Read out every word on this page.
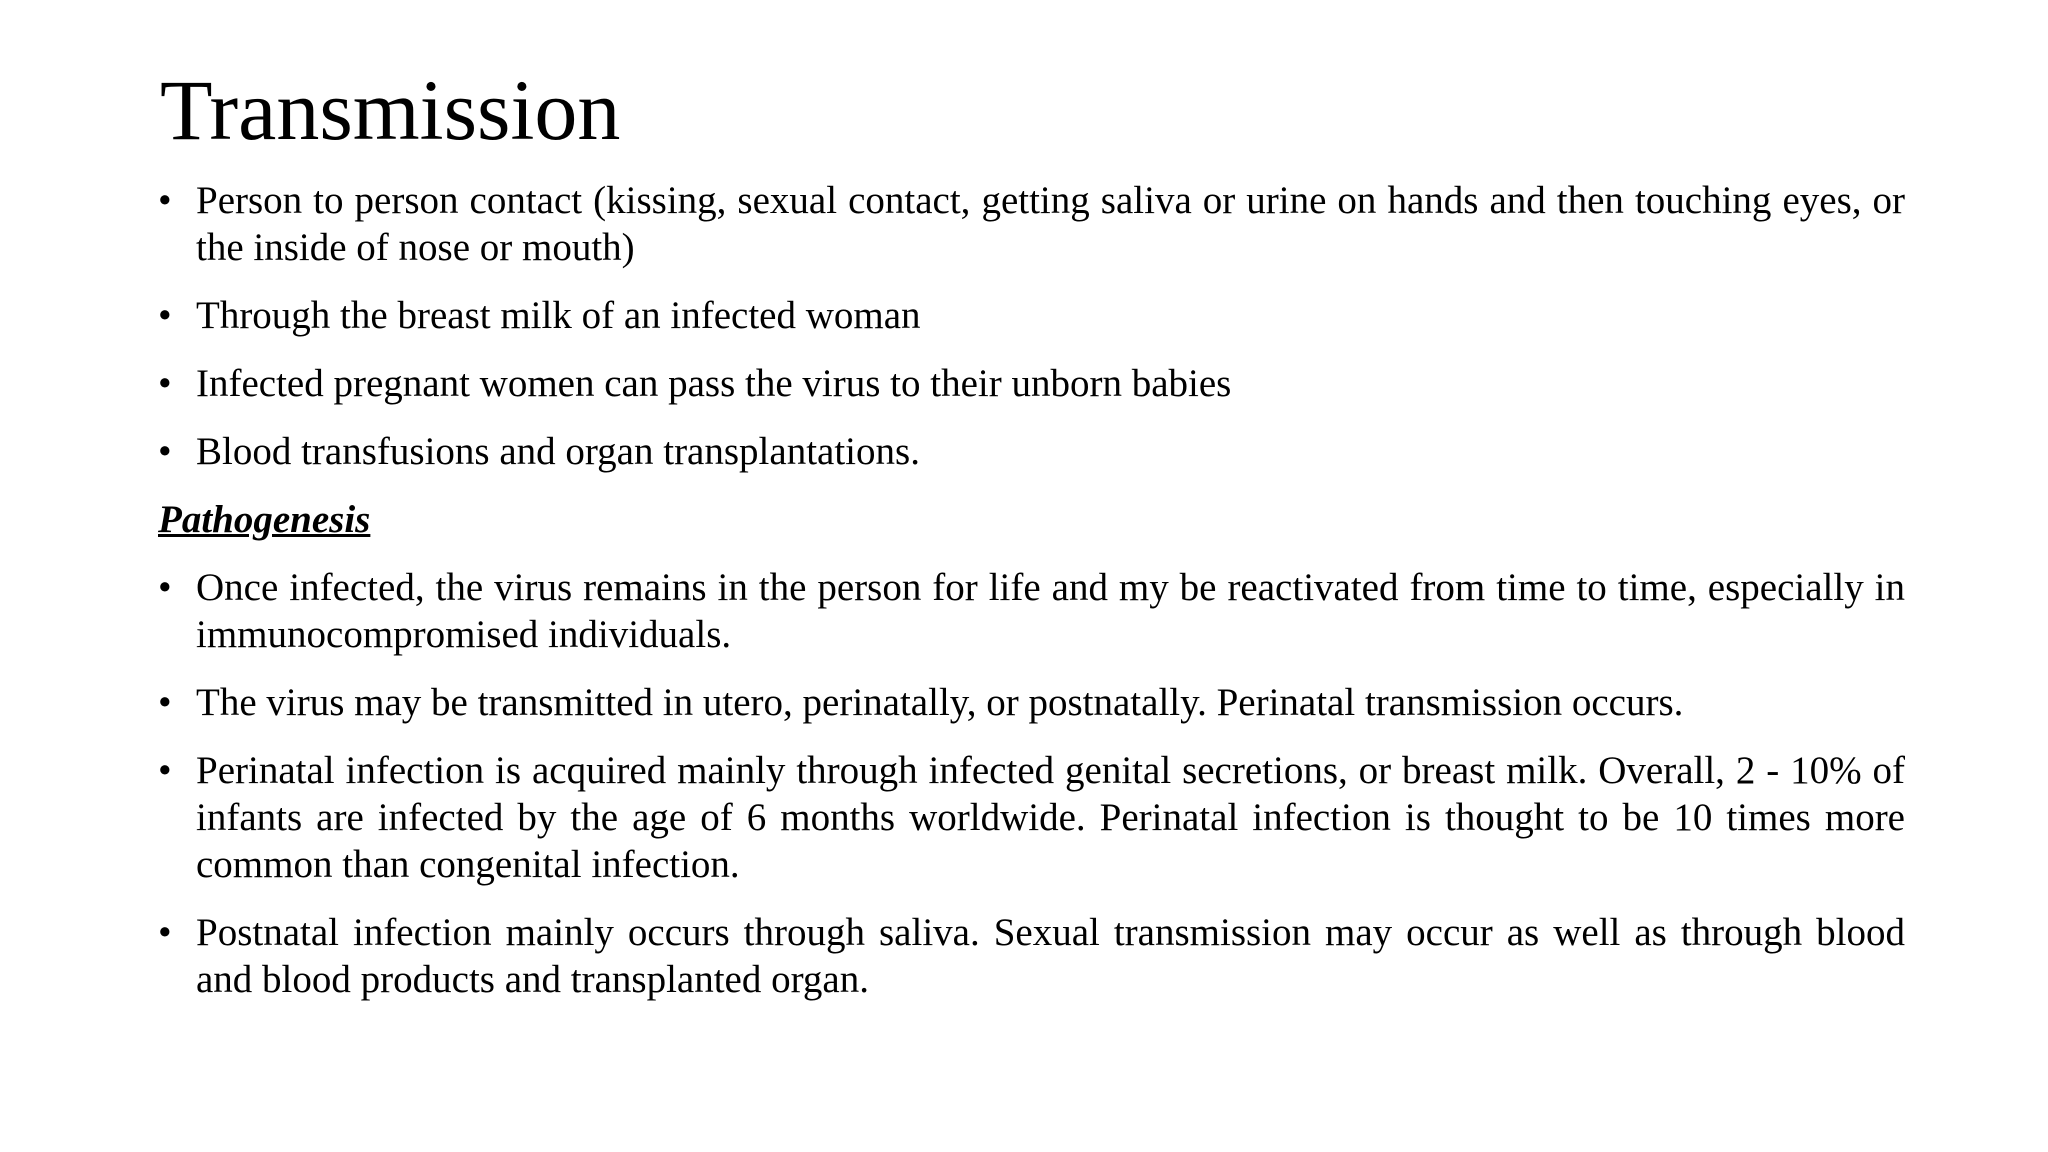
Transmission
• Person to person contact (kissing, sexual contact, getting saliva or urine on hands and then touching eyes, or the inside of nose or mouth)
• Through the breast milk of an infected woman
• Infected pregnant women can pass the virus to their unborn babies
• Blood transfusions and organ transplantations.
Pathogenesis
• Once infected, the virus remains in the person for life and my be reactivated from time to time, especially in immunocompromised individuals.
• The virus may be transmitted in utero, perinatally, or postnatally. Perinatal transmission occurs.
• Perinatal infection is acquired mainly through infected genital secretions, or breast milk. Overall, 2 - 10% of infants are infected by the age of 6 months worldwide. Perinatal infection is thought to be 10 times more common than congenital infection.
• Postnatal infection mainly occurs through saliva. Sexual transmission may occur as well as through blood and blood products and transplanted organ.
